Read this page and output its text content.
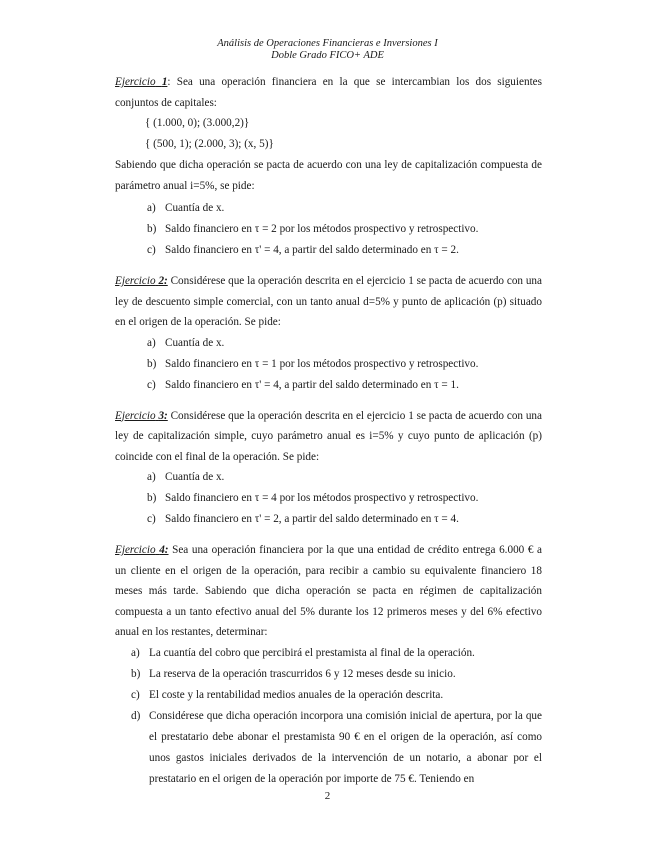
Análisis de Operaciones Financieras e Inversiones I
Doble Grado FICO+ ADE

Ejercicio 1: Sea una operación financiera en la que se intercambian los dos siguientes conjuntos de capitales:

{ (1.000, 0); (3.000,2)}

{ (500, 1); (2.000, 3); (x, 5)}

Sabiendo que dicha operación se pacta de acuerdo con una ley de capitalización compuesta de parámetro anual i=5%, se pide:

a) Cuantía de x.
b) Saldo financiero en τ = 2 por los métodos prospectivo y retrospectivo.
c) Saldo financiero en τ' = 4, a partir del saldo determinado en τ = 2.

Ejercicio 2: Considérese que la operación descrita en el ejercicio 1 se pacta de acuerdo con una ley de descuento simple comercial, con un tanto anual d=5% y punto de aplicación (p) situado en el origen de la operación. Se pide:

a) Cuantía de x.
b) Saldo financiero en τ = 1 por los métodos prospectivo y retrospectivo.
c) Saldo financiero en τ' = 4, a partir del saldo determinado en τ = 1.

Ejercicio 3: Considérese que la operación descrita en el ejercicio 1 se pacta de acuerdo con una ley de capitalización simple, cuyo parámetro anual es i=5% y cuyo punto de aplicación (p) coincide con el final de la operación. Se pide:

a) Cuantía de x.
b) Saldo financiero en τ = 4 por los métodos prospectivo y retrospectivo.
c) Saldo financiero en τ' = 2, a partir del saldo determinado en τ = 4.

Ejercicio 4: Sea una operación financiera por la que una entidad de crédito entrega 6.000 € a un cliente en el origen de la operación, para recibir a cambio su equivalente financiero 18 meses más tarde. Sabiendo que dicha operación se pacta en régimen de capitalización compuesta a un tanto efectivo anual del 5% durante los 12 primeros meses y del 6% efectivo anual en los restantes, determinar:

a) La cuantía del cobro que percibirá el prestamista al final de la operación.
b) La reserva de la operación trascurridos 6 y 12 meses desde su inicio.
c) El coste y la rentabilidad medios anuales de la operación descrita.
d) Considérese que dicha operación incorpora una comisión inicial de apertura, por la que el prestatario debe abonar el prestamista 90 € en el origen de la operación, así como unos gastos iniciales derivados de la intervención de un notario, a abonar por el prestatario en el origen de la operación por importe de 75 €. Teniendo en
2
